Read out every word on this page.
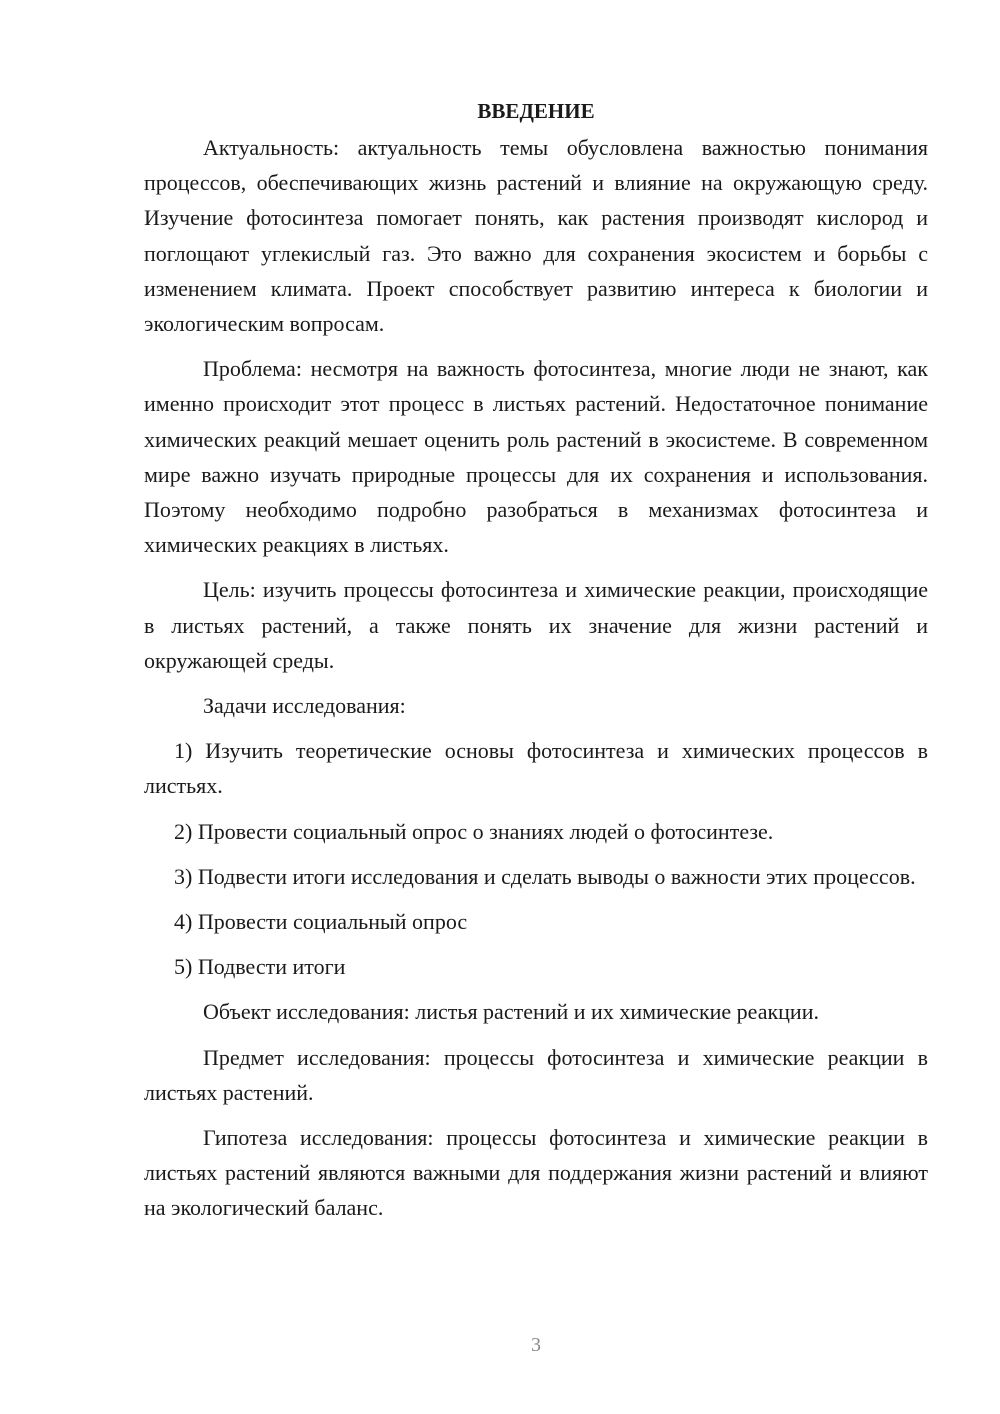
ВВЕДЕНИЕ

Актуальность: актуальность темы обусловлена важностью понимания процессов, обеспечивающих жизнь растений и влияние на окружающую среду. Изучение фотосинтеза помогает понять, как растения производят кислород и поглощают углекислый газ. Это важно для сохранения экосистем и борьбы с изменением климата. Проект способствует развитию интереса к биологии и экологическим вопросам.

Проблема: несмотря на важность фотосинтеза, многие люди не знают, как именно происходит этот процесс в листьях растений. Недостаточное понимание химических реакций мешает оценить роль растений в экосистеме. В современном мире важно изучать природные процессы для их сохранения и использования. Поэтому необходимо подробно разобраться в механизмах фотосинтеза и химических реакциях в листьях.

Цель: изучить процессы фотосинтеза и химические реакции, происходящие в листьях растений, а также понять их значение для жизни растений и окружающей среды.

Задачи исследования:

1) Изучить теоретические основы фотосинтеза и химических процессов в листьях.

2) Провести социальный опрос о знаниях людей о фотосинтезе.

3) Подвести итоги исследования и сделать выводы о важности этих процессов.

4) Провести социальный опрос

5) Подвести итоги

Объект исследования: листья растений и их химические реакции.

Предмет исследования: процессы фотосинтеза и химические реакции в листьях растений.

Гипотеза исследования: процессы фотосинтеза и химические реакции в листьях растений являются важными для поддержания жизни растений и влияют на экологический баланс.

3
